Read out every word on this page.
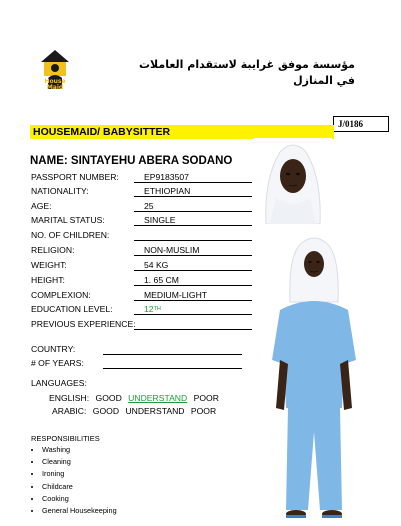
House
Maid
مؤسسة موفق غرايبة لاستقدام العاملات
في المنازل
J/0186
HOUSEMAID/ BABYSITTER
NAME: SINTAYEHU ABERA SODANO
PASSPORT NUMBER:	EP9183507
NATIONALITY:	ETHIOPIAN
AGE:	25
MARITAL STATUS:	SINGLE
NO. OF CHILDREN:
RELIGION:	NON-MUSLIM
WEIGHT:	54 KG
HEIGHT:	1. 65 CM
COMPLEXION:	MEDIUM-LIGHT
EDUCATION LEVEL:	12TH
PREVIOUS EXPERIENCE:
COUNTRY:
# OF YEARS:
LANGUAGES:
ENGLISH: GOOD UNDERSTAND POOR
ARABIC: GOOD UNDERSTAND POOR
RESPONSIBILITIES
• Washing
• Cleaning
• Ironing
• Childcare
• Cooking
• General Housekeeping
